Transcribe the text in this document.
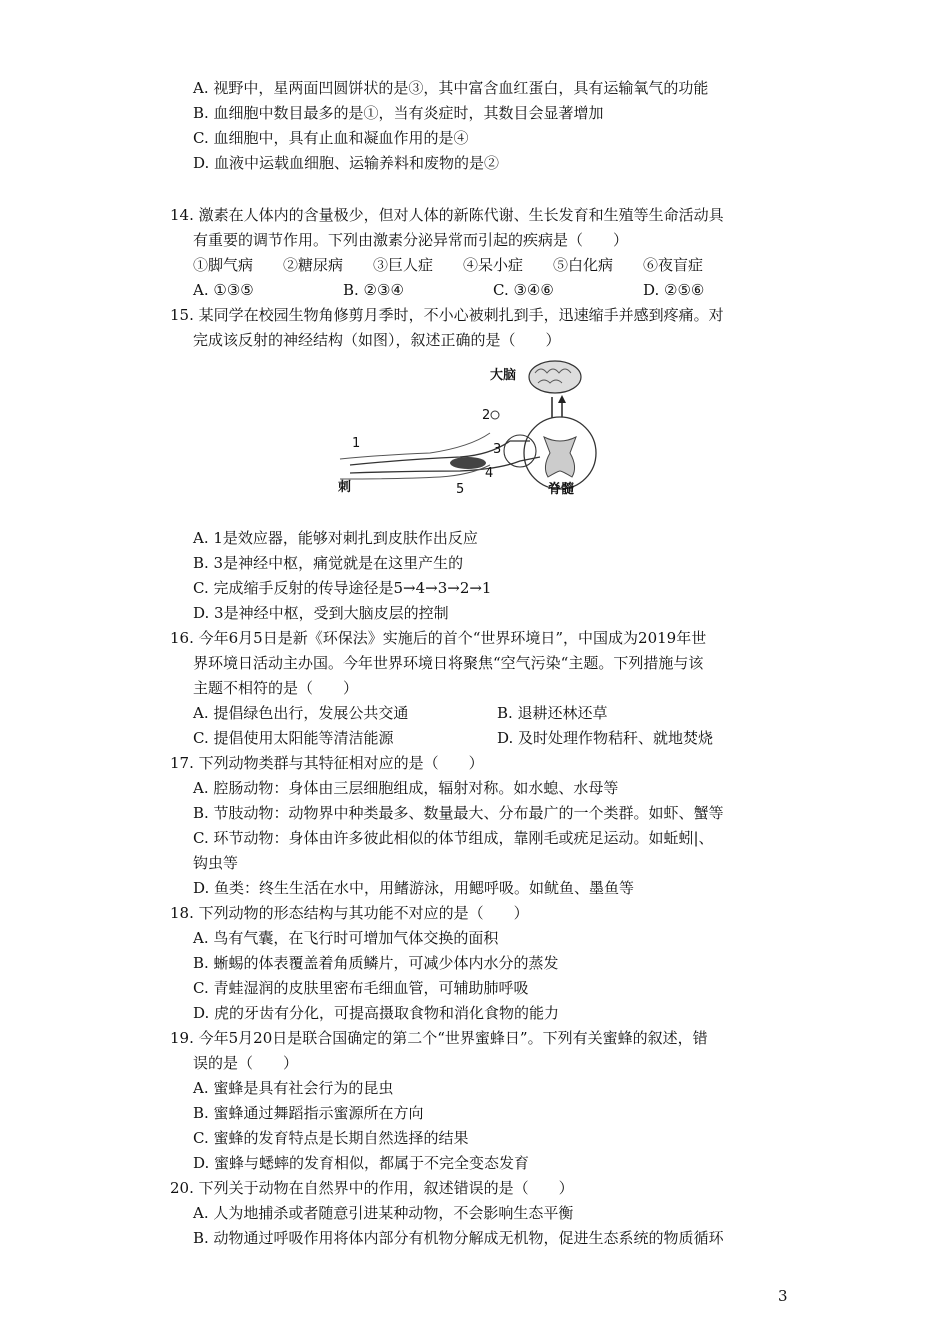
A. 视野中，星两面凹圆饼状的是③，其中富含血红蛋白，具有运输氧气的功能
B. 血细胞中数目最多的是①，当有炎症时，其数目会显著增加
C. 血细胞中，具有止血和凝血作用的是④
D. 血液中运载血细胞、运输养料和废物的是②
14. 激素在人体内的含量极少，但对人体的新陈代谢、生长发育和生殖等生命活动具
有重要的调节作用。下列由激素分泌异常而引起的疾病是（　　）
①脚气病　　②糖尿病　　③巨人症　　④呆小症　　⑤白化病　　⑥夜盲症
A. ①③⑤	B. ②③④	C. ③④⑥	D. ②⑤⑥
15. 某同学在校园生物角修剪月季时，不小心被刺扎到手，迅速缩手并感到疼痛。对
完成该反射的神经结构（如图），叙述正确的是（　　）
大脑
脊髓
1
2
3
4
5
刺
A. 1是效应器，能够对刺扎到皮肤作出反应
B. 3是神经中枢，痛觉就是在这里产生的
C. 完成缩手反射的传导途径是5→4→3→2→1
D. 3是神经中枢，受到大脑皮层的控制
16. 今年6月5日是新《环保法》实施后的首个“世界环境日”，中国成为2019年世
界环境日活动主办国。今年世界环境日将聚焦“空气污染“主题。下列措施与该
主题不相符的是（　　）
A. 提倡绿色出行，发展公共交通	B. 退耕还林还草
C. 提倡使用太阳能等清洁能源	D. 及时处理作物秸秆、就地焚烧
17. 下列动物类群与其特征相对应的是（　　）
A. 腔肠动物：身体由三层细胞组成，辐射对称。如水螅、水母等
B. 节肢动物：动物界中种类最多、数量最大、分布最广的一个类群。如虾、蟹等
C. 环节动物：身体由许多彼此相似的体节组成，靠刚毛或疣足运动。如蚯蚓|、
钩虫等
D. 鱼类：终生生活在水中，用鳍游泳，用鳃呼吸。如鱿鱼、墨鱼等
18. 下列动物的形态结构与其功能不对应的是（　　）
A. 鸟有气囊，在飞行时可增加气体交换的面积
B. 蜥蜴的体表覆盖着角质鳞片，可减少体内水分的蒸发
C. 青蛙湿润的皮肤里密布毛细血管，可辅助肺呼吸
D. 虎的牙齿有分化，可提高摄取食物和消化食物的能力
19. 今年5月20日是联合国确定的第二个“世界蜜蜂日”。下列有关蜜蜂的叙述，错
误的是（　　）
A. 蜜蜂是具有社会行为的昆虫
B. 蜜蜂通过舞蹈指示蜜源所在方向
C. 蜜蜂的发育特点是长期自然选择的结果
D. 蜜蜂与蟋蟀的发育相似，都属于不完全变态发育
20. 下列关于动物在自然界中的作用，叙述错误的是（　　）
A. 人为地捕杀或者随意引进某种动物，不会影响生态平衡
B. 动物通过呼吸作用将体内部分有机物分解成无机物，促进生态系统的物质循环
3
